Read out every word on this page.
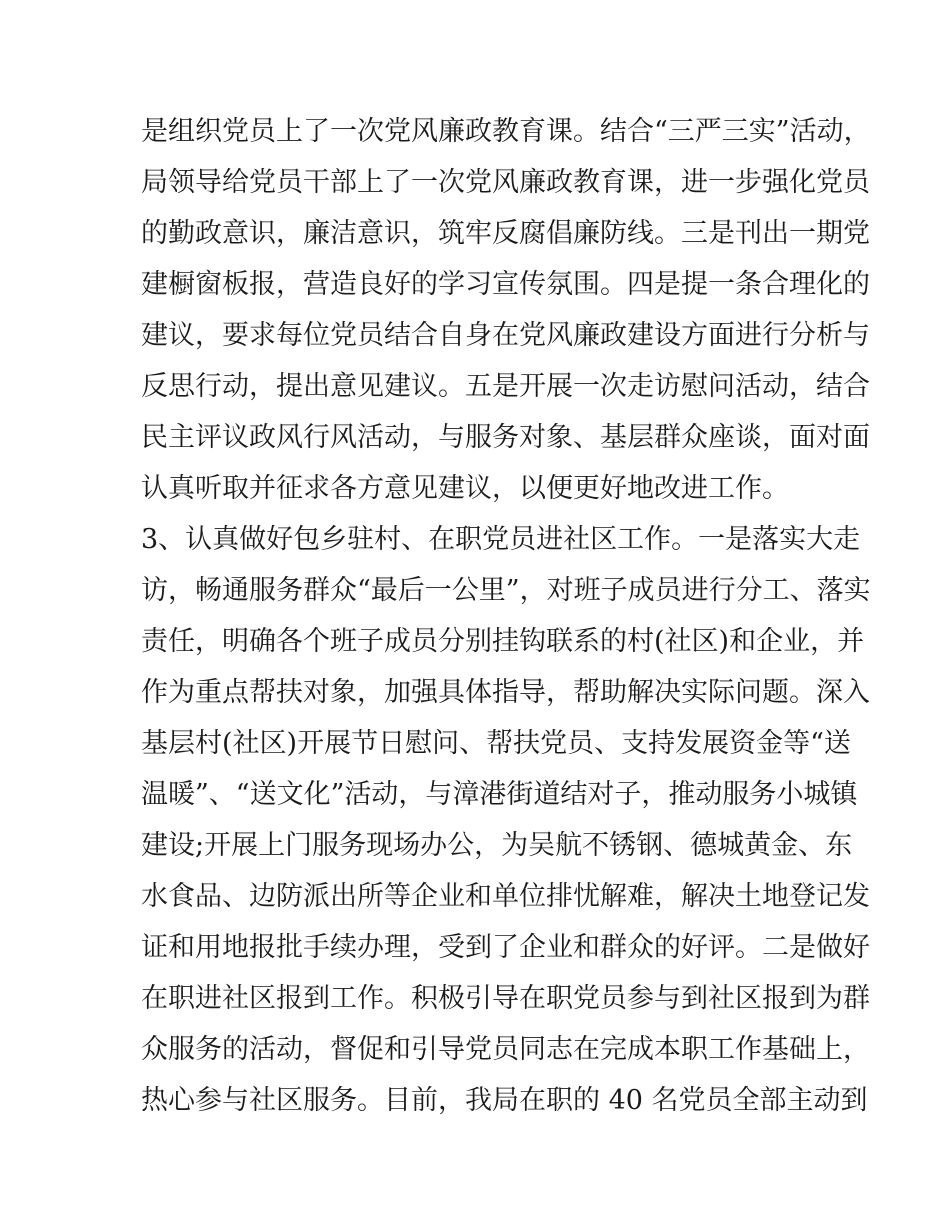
是组织党员上了一次党风廉政教育课。结合“三严三实”活动，
局领导给党员干部上了一次党风廉政教育课，进一步强化党员
的勤政意识，廉洁意识，筑牢反腐倡廉防线。三是刊出一期党
建橱窗板报，营造良好的学习宣传氛围。四是提一条合理化的
建议，要求每位党员结合自身在党风廉政建设方面进行分析与
反思行动，提出意见建议。五是开展一次走访慰问活动，结合
民主评议政风行风活动，与服务对象、基层群众座谈，面对面
认真听取并征求各方意见建议，以便更好地改进工作。
3、认真做好包乡驻村、在职党员进社区工作。一是落实大走
访，畅通服务群众“最后一公里”，对班子成员进行分工、落实
责任，明确各个班子成员分别挂钩联系的村(社区)和企业，并
作为重点帮扶对象，加强具体指导，帮助解决实际问题。深入
基层村(社区)开展节日慰问、帮扶党员、支持发展资金等“送
温暖”、“送文化”活动，与漳港街道结对子，推动服务小城镇
建设;开展上门服务现场办公，为吴航不锈钢、德城黄金、东
水食品、边防派出所等企业和单位排忧解难，解决土地登记发
证和用地报批手续办理，受到了企业和群众的好评。二是做好
在职进社区报到工作。积极引导在职党员参与到社区报到为群
众服务的活动，督促和引导党员同志在完成本职工作基础上，
热心参与社区服务。目前，我局在职的 40 名党员全部主动到
